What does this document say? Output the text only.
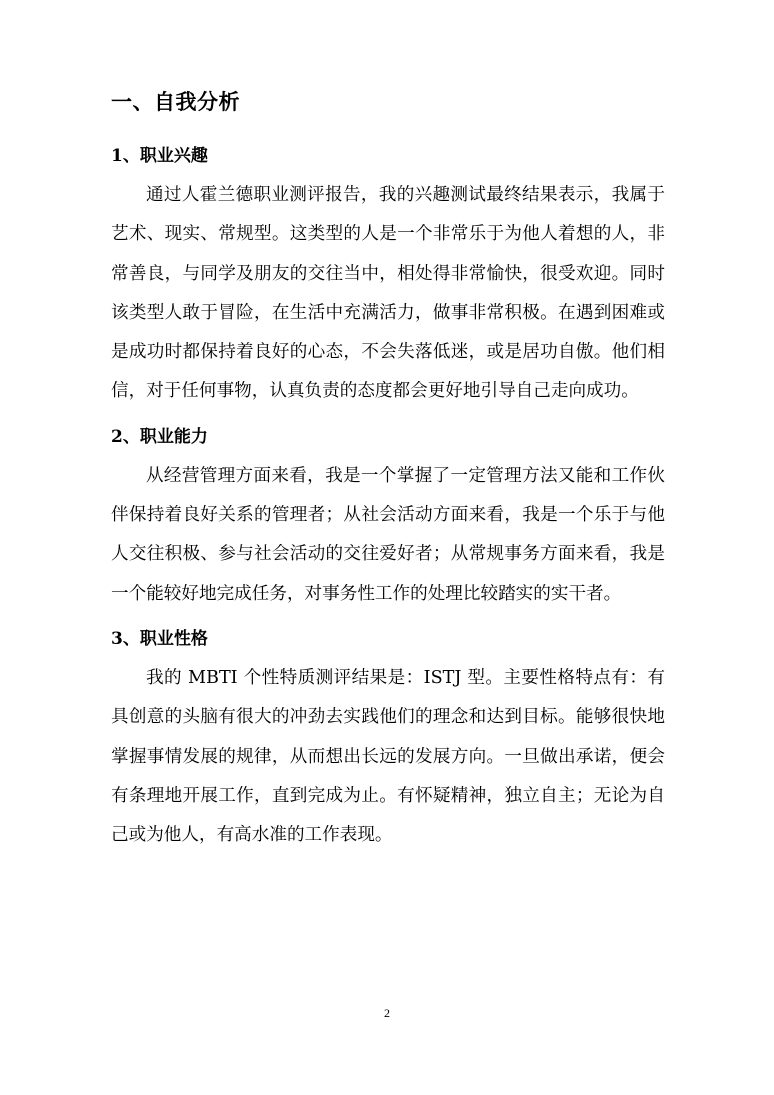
一、自我分析
1、职业兴趣

通过人霍兰德职业测评报告，我的兴趣测试最终结果表示，我属于艺术、现实、常规型。这类型的人是一个非常乐于为他人着想的人，非常善良，与同学及朋友的交往当中，相处得非常愉快，很受欢迎。同时该类型人敢于冒险，在生活中充满活力，做事非常积极。在遇到困难或是成功时都保持着良好的心态，不会失落低迷，或是居功自傲。他们相信，对于任何事物，认真负责的态度都会更好地引导自己走向成功。

2、职业能力

从经营管理方面来看，我是一个掌握了一定管理方法又能和工作伙伴保持着良好关系的管理者；从社会活动方面来看，我是一个乐于与他人交往积极、参与社会活动的交往爱好者；从常规事务方面来看，我是一个能较好地完成任务，对事务性工作的处理比较踏实的实干者。

3、职业性格

我的 MBTI 个性特质测评结果是：ISTJ 型。主要性格特点有：有具创意的头脑有很大的冲劲去实践他们的理念和达到目标。能够很快地掌握事情发展的规律，从而想出长远的发展方向。一旦做出承诺，便会有条理地开展工作，直到完成为止。有怀疑精神，独立自主；无论为自己或为他人，有高水准的工作表现。

2
